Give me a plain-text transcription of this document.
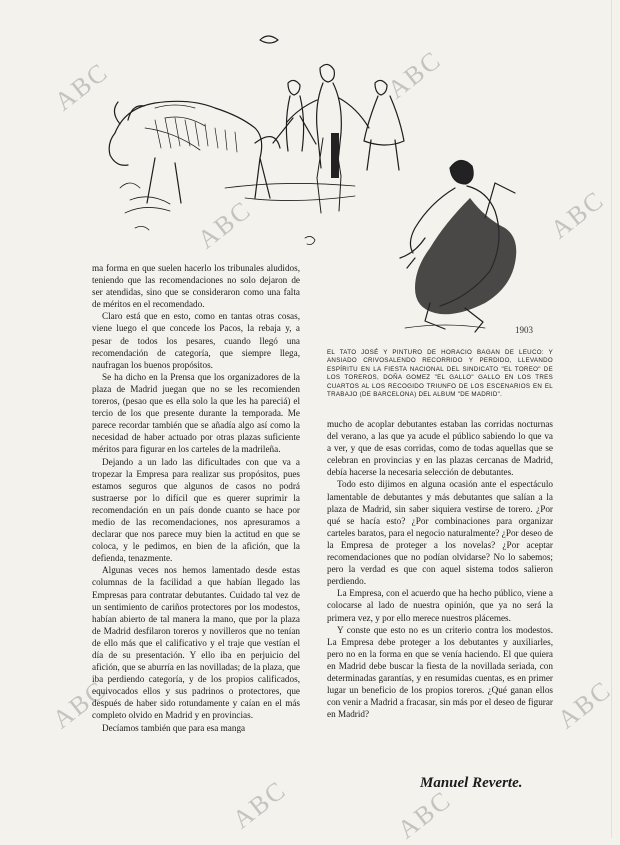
ABC
ABC
ABC
ABC
ABC
ABC	ABC
ABC
1903
EL TATO JOSÉ Y PINTURO DE HORACIO BAGAN DE LEUCO: Y ANSIADO CRIVOSALENDO RECORRIDO Y PERDIDO, LLEVANDO ESPÍRITU EN LA FIESTA NACIONAL DEL SINDICATO "EL TOREO" DE LOS TOREROS, DOÑA GOMEZ "EL GALLO" GALLO EN LOS TRES CUARTOS AL LOS RECOGIDO TRIUNFO DE LOS ESCENARIOS EN EL TRABAJO (DE BARCELONA) DEL ALBUM "DE MADRID".

ma forma en que suelen hacerlo los tribunales aludidos, teniendo que las recomendaciones no solo dejaron de ser atendidas, sino que se consideraron como una falta de méritos en el recomendado.

Claro está que en esto, como en tantas otras cosas, viene luego el que concede los Pacos, la rebaja y, a pesar de todos los pesares, cuando llegó una recomendación de categoría, que siempre llega, naufragan los buenos propósitos.

Se ha dicho en la Prensa que los organizadores de la plaza de Madrid juegan que no se les recomienden toreros, (pesao que es ella solo la que les ha pareciá) el tercio de los que presente durante la temporada. Me parece recordar también que se añadía algo así como la necesidad de haber actuado por otras plazas suficiente méritos para figurar en los carteles de la madrileña.

Dejando a un lado las dificultades con que va a tropezar la Empresa para realizar sus propósitos, pues estamos seguros que algunos de casos no podrá sustraerse por lo difícil que es querer suprimir la recomendación en un país donde cuanto se hace por medio de las recomendaciones, nos apresuramos a declarar que nos parece muy bien la actitud en que se coloca, y le pedimos, en bien de la afición, que la defienda, tenazmente.

Algunas veces nos hemos lamentado desde estas columnas de la facilidad a que habían llegado las Empresas para contratar debutantes. Cuidado tal vez de un sentimiento de cariños protectores por los modestos, habían abierto de tal manera la mano, que por la plaza de Madrid desfilaron toreros y novilleros que no tenían de ello más que el calificativo y el traje que vestían el día de su presentación. Y ello iba en perjuicio del afición, que se aburría en las novilladas; de la plaza, que iba perdiendo categoría, y de los propios calificados, equivocados ellos y sus padrinos o protectores, que después de haber sido rotundamente y caían en el más completo olvido en Madrid y en provincias.

Decíamos también que para esa manga

mucho de acoplar debutantes estaban las corridas nocturnas del verano, a las que ya acude el público sabiendo lo que va a ver, y que de esas corridas, como de todas aquellas que se celebran en provincias y en las plazas cercanas de Madrid, debía hacerse la necesaria selección de debutantes.

Todo esto dijimos en alguna ocasión ante el espectáculo lamentable de debutantes y más debutantes que salían a la plaza de Madrid, sin saber siquiera vestirse de torero. ¿Por qué se hacía esto? ¿Por combinaciones para organizar carteles baratos, para el negocio naturalmente? ¿Por deseo de la Empresa de proteger a los novelas? ¿Por aceptar recomendaciones que no podían olvidarse? No lo sabemos; pero la verdad es que con aquel sistema todos salieron perdiendo.

La Empresa, con el acuerdo que ha hecho público, viene a colocarse al lado de nuestra opinión, que ya no será la primera vez, y por ello merece nuestros plácemes.

Y conste que esto no es un criterio contra los modestos. La Empresa debe proteger a los debutantes y auxiliarles, pero no en la forma en que se venía haciendo. El que quiera en Madrid debe buscar la fiesta de la novillada seriada, con determinadas garantías, y en resumidas cuentas, es en primer lugar un beneficio de los propios toreros. ¿Qué ganan ellos con venir a Madrid a fracasar, sin más por el deseo de figurar en Madrid?

Manuel Reverte.
